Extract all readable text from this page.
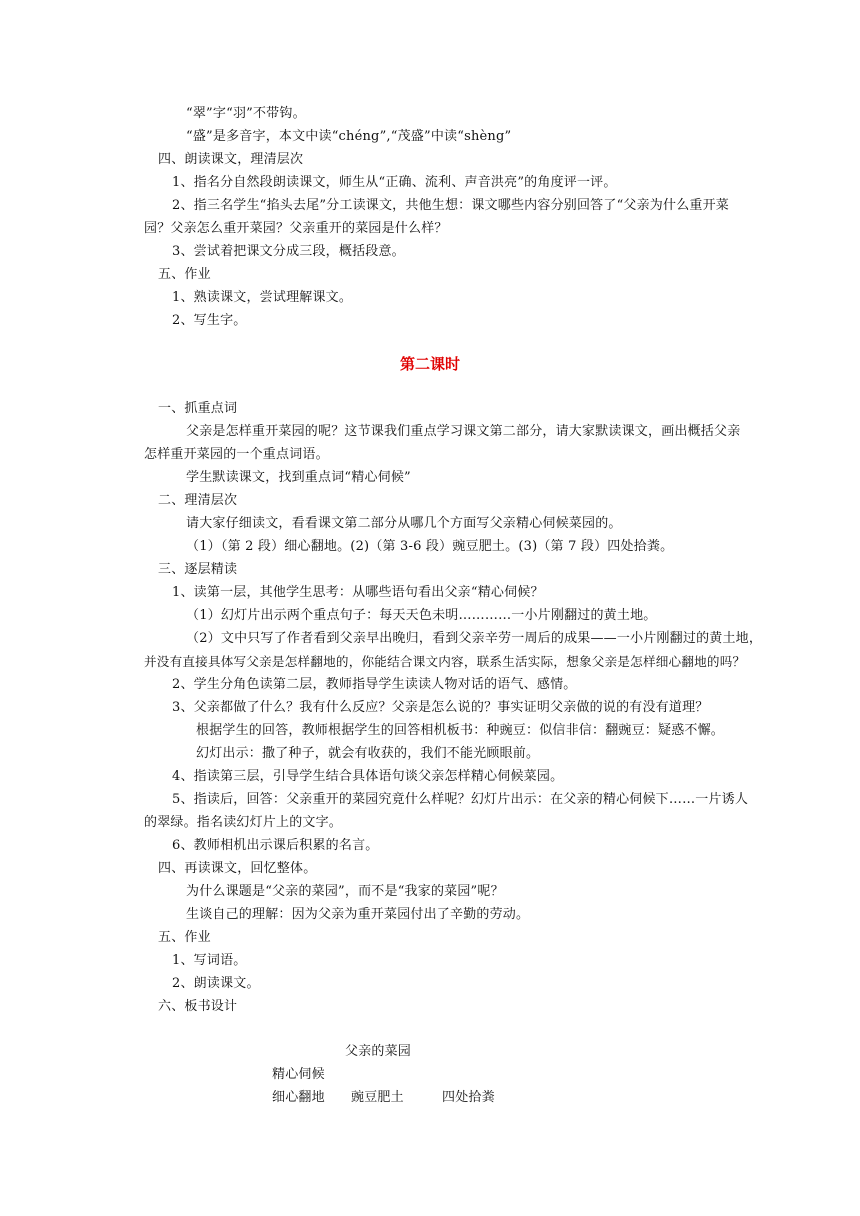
“翠”字“羽”不带钩。
“盛”是多音字，本文中读“chéng”,“茂盛”中读“shèng”
四、朗读课文，理清层次
1、指名分自然段朗读课文，师生从“正确、流利、声音洪亮”的角度评一评。
2、指三名学生“掐头去尾”分工读课文，共他生想：课文哪些内容分别回答了“父亲为什么重开菜
园？父亲怎么重开菜园？父亲重开的菜园是什么样？
3、尝试着把课文分成三段，概括段意。
五、作业
1、熟读课文，尝试理解课文。
2、写生字。
第二课时
一、抓重点词
父亲是怎样重开菜园的呢？这节课我们重点学习课文第二部分，请大家默读课文，画出概括父亲
怎样重开菜园的一个重点词语。
学生默读课文，找到重点词“精心伺候”
二、理清层次
请大家仔细读文，看看课文第二部分从哪几个方面写父亲精心伺候菜园的。
（1）（第 2 段）细心翻地。(2)（第 3-6 段）豌豆肥土。(3)（第 7 段）四处拾粪。
三、逐层精读
1、读第一层，其他学生思考：从哪些语句看出父亲“精心伺候？
（1）幻灯片出示两个重点句子：每天天色未明…………一小片刚翻过的黄土地。
（2）文中只写了作者看到父亲早出晚归，看到父亲辛劳一周后的成果——一小片刚翻过的黄土地，
并没有直接具体写父亲是怎样翻地的，你能结合课文内容，联系生活实际，想象父亲是怎样细心翻地的吗？
2、学生分角色读第二层，教师指导学生读读人物对话的语气、感情。
3、父亲都做了什么？我有什么反应？父亲是怎么说的？事实证明父亲做的说的有没有道理？
根据学生的回答，教师根据学生的回答相机板书：种豌豆：似信非信：翻豌豆：疑惑不懈。
幻灯出示：撒了种子，就会有收获的，我们不能光顾眼前。
4、指读第三层，引导学生结合具体语句谈父亲怎样精心伺候菜园。
5、指读后，回答：父亲重开的菜园究竟什么样呢？幻灯片出示：在父亲的精心伺候下……一片诱人
的翠绿。指名读幻灯片上的文字。
6、教师相机出示课后积累的名言。
四、再读课文，回忆整体。
为什么课题是“父亲的菜园”，而不是“我家的菜园”呢？
生谈自己的理解：因为父亲为重开菜园付出了辛勤的劳动。
五、作业
1、写词语。
2、朗读课文。
六、板书设计
父亲的菜园
精心伺候
细心翻地 豌豆肥土	四处拾粪
